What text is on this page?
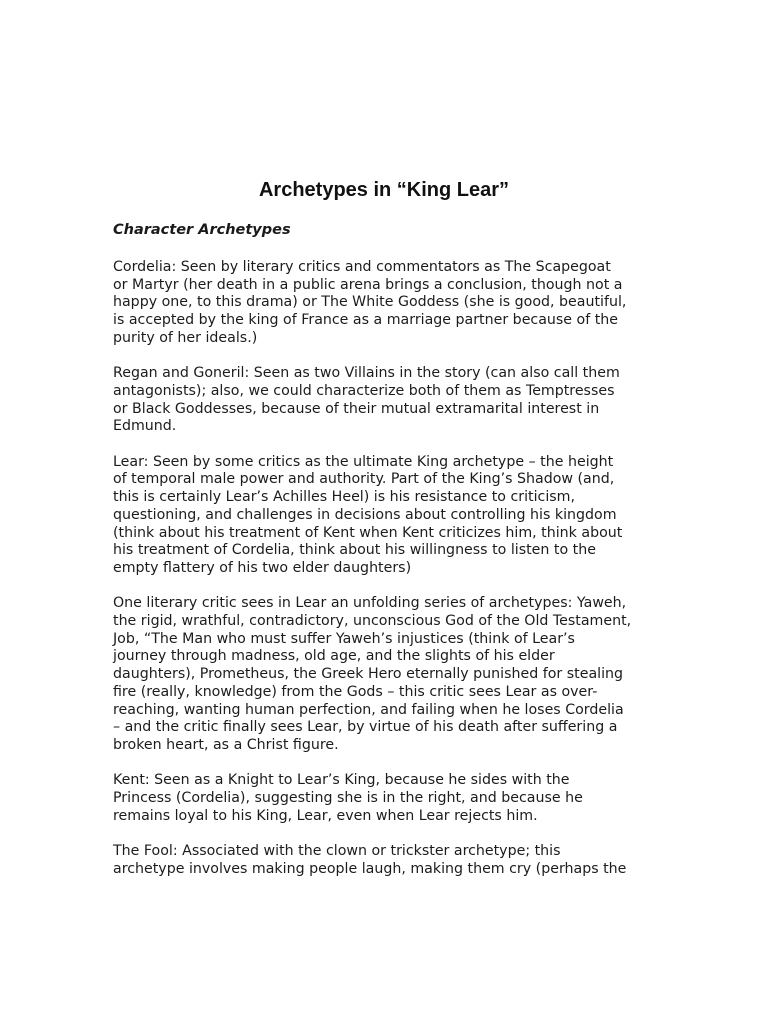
Archetypes in “King Lear”
Character Archetypes

Cordelia: Seen by literary critics and commentators as The Scapegoat
or Martyr (her death in a public arena brings a conclusion, though not a
happy one, to this drama) or The White Goddess (she is good, beautiful,
is accepted by the king of France as a marriage partner because of the
purity of her ideals.)

Regan and Goneril: Seen as two Villains in the story (can also call them
antagonists); also, we could characterize both of them as Temptresses
or Black Goddesses, because of their mutual extramarital interest in
Edmund.

Lear: Seen by some critics as the ultimate King archetype – the height
of temporal male power and authority. Part of the King’s Shadow (and,
this is certainly Lear’s Achilles Heel) is his resistance to criticism,
questioning, and challenges in decisions about controlling his kingdom
(think about his treatment of Kent when Kent criticizes him, think about
his treatment of Cordelia, think about his willingness to listen to the
empty flattery of his two elder daughters)

One literary critic sees in Lear an unfolding series of archetypes: Yaweh,
the rigid, wrathful, contradictory, unconscious God of the Old Testament,
Job, “The Man who must suffer Yaweh’s injustices (think of Lear’s
journey through madness, old age, and the slights of his elder
daughters), Prometheus, the Greek Hero eternally punished for stealing
fire (really, knowledge) from the Gods – this critic sees Lear as over-
reaching, wanting human perfection, and failing when he loses Cordelia
– and the critic finally sees Lear, by virtue of his death after suffering a
broken heart, as a Christ figure.

Kent: Seen as a Knight to Lear’s King, because he sides with the
Princess (Cordelia), suggesting she is in the right, and because he
remains loyal to his King, Lear, even when Lear rejects him.

The Fool: Associated with the clown or trickster archetype; this
archetype involves making people laugh, making them cry (perhaps the
